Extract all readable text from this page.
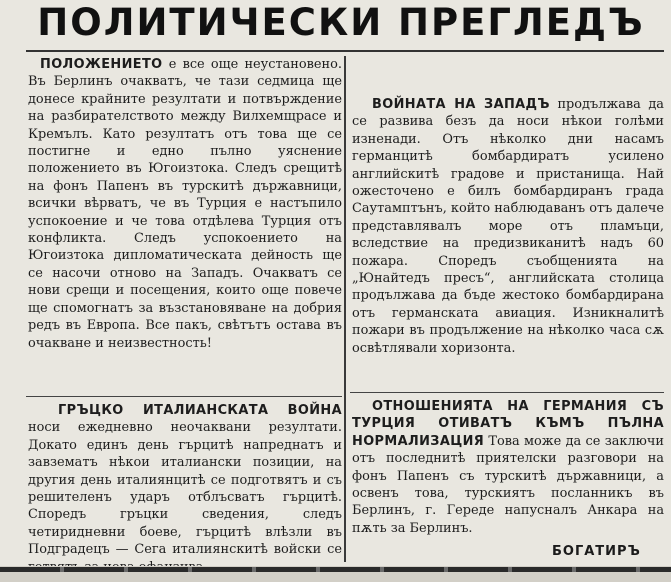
ПОЛИТИЧЕСКИ ПРЕГЛЕДЪ

ПОЛОЖЕНИЕТО е все още неустановено. Въ Берлинъ очакватъ, че тази седмица ще донесе крайните резултати и потвърждение на разбирателството между Вилхемщрасе и Кремълъ. Като резултатъ отъ това ще се постигне и едно пълно уяснение положението въ Югоизтока. Следъ срещитѣ на фонъ Папенъ въ турскитѣ държавници, всички вѣрватъ, че въ Турция е настъпило успокоение и че това отдѣлева Турция отъ конфликта. Следъ успокоението на Югоизтока дипломатическата дейность ще се насочи отново на Западъ. Очакватъ се нови срещи и посещения, които още повече ще спомогнатъ за възстановяване на добрия редъ въ Европа. Все пакъ, свѣтътъ остава въ очакване и неизвестность!

ГРЪЦКО ИТАЛИАНСКАТА ВОЙНА носи ежедневно неочаквани резултати. Докато единъ день гърцитѣ напреднатъ и завзематъ нѣкои италиански позиции, на другия день италиянцитѣ се подготвятъ и съ решителенъ ударъ отблъсватъ гърцитѣ. Споредъ гръцки сведения, следъ четиридневни боеве, гърцитѣ влѣзли въ Подградецъ — Сега италиянскитѣ войски се

ВОЙНАТА НА ЗАПАДЪ продължава да се развива безъ да носи нѣкои голѣми изненади. Отъ нѣколко дни насамъ германцитѣ бомбардиратъ усилено английскитѣ градове и пристанища. Най ожесточено е билъ бомбардиранъ града Саутамптънъ, който наблюдаванъ отъ далече представлявалъ море отъ пламъци, вследствие на предизвиканитѣ надъ 60 пожара. Споредъ съобщенията на „Юнайтедъ пресъ“, английската столица продължава да бъде жестоко бомбардирана отъ германската авиация. Изникналитѣ пожари въ продължение на нѣколко часа сѫ освѣтлявали хоризонта.

ОТНОШЕНИЯТА НА ГЕРМАНИЯ СЪ ТУРЦИЯ ОТИВАТЪ КЪМЪ ПЪЛНА НОРМАЛИЗАЦИЯ Това може да се заключи отъ последнитѣ приятелски разговори на фонъ Папенъ съ турскитѣ държавници, а освенъ това, турскиятъ посланникъ въ Берлинъ, г. Гереде напусналъ Анкара на пѫть за Берлинъ.

БОГАТИРЪ
